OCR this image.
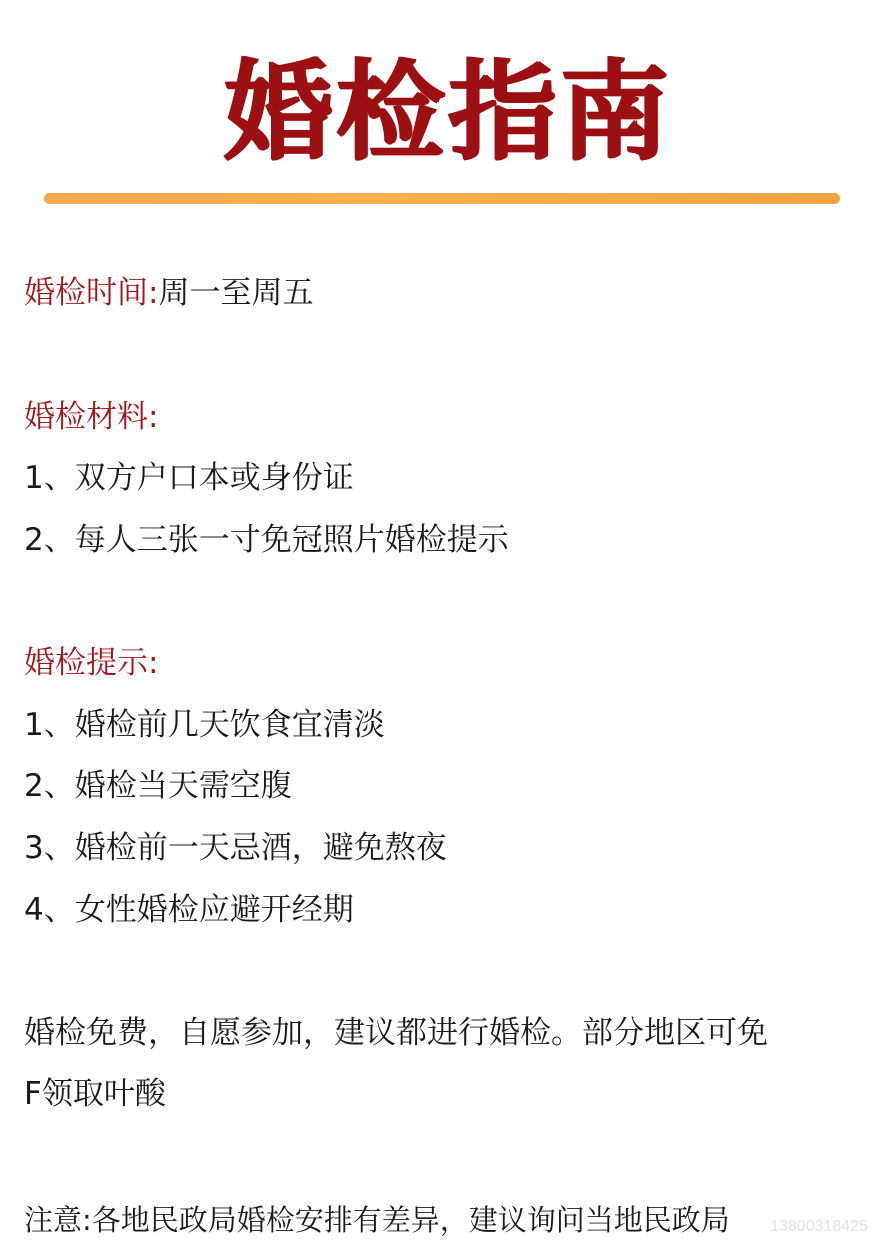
婚检指南
婚检时间:周一至周五
婚检材料:
1、双方户口本或身份证
2、每人三张一寸免冠照片婚检提示
婚检提示:
1、婚检前几天饮食宜清淡
2、婚检当天需空腹
3、婚检前一天忌酒，避免熬夜
4、女性婚检应避开经期
婚检免费，自愿参加，建议都进行婚检。部分地区可免
F领取叶酸
注意:各地民政局婚检安排有差异，建议询问当地民政局	13800318425
